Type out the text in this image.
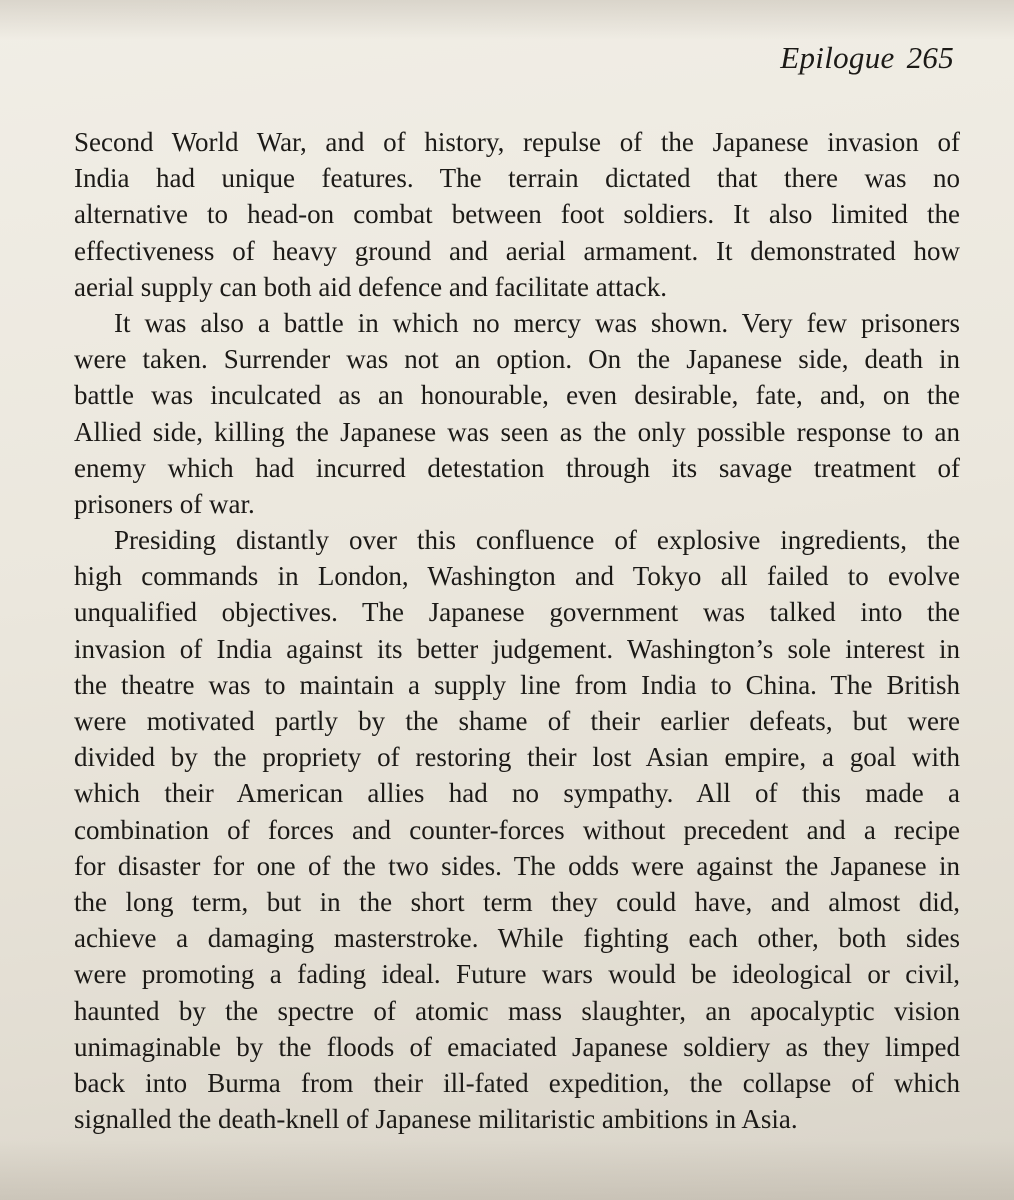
Epilogue 265
Second World War, and of history, repulse of the Japanese invasion of
India had unique features. The terrain dictated that there was no
alternative to head-on combat between foot soldiers. It also limited the
effectiveness of heavy ground and aerial armament. It demonstrated how
aerial supply can both aid defence and facilitate attack.
It was also a battle in which no mercy was shown. Very few prisoners
were taken. Surrender was not an option. On the Japanese side, death in
battle was inculcated as an honourable, even desirable, fate, and, on the
Allied side, killing the Japanese was seen as the only possible response to an
enemy which had incurred detestation through its savage treatment of
prisoners of war.
Presiding distantly over this confluence of explosive ingredients, the
high commands in London, Washington and Tokyo all failed to evolve
unqualified objectives. The Japanese government was talked into the
invasion of India against its better judgement. Washington’s sole interest in
the theatre was to maintain a supply line from India to China. The British
were motivated partly by the shame of their earlier defeats, but were
divided by the propriety of restoring their lost Asian empire, a goal with
which their American allies had no sympathy. All of this made a
combination of forces and counter-forces without precedent and a recipe
for disaster for one of the two sides. The odds were against the Japanese in
the long term, but in the short term they could have, and almost did,
achieve a damaging masterstroke. While fighting each other, both sides
were promoting a fading ideal. Future wars would be ideological or civil,
haunted by the spectre of atomic mass slaughter, an apocalyptic vision
unimaginable by the floods of emaciated Japanese soldiery as they limped
back into Burma from their ill-fated expedition, the collapse of which
signalled the death-knell of Japanese militaristic ambitions in Asia.
